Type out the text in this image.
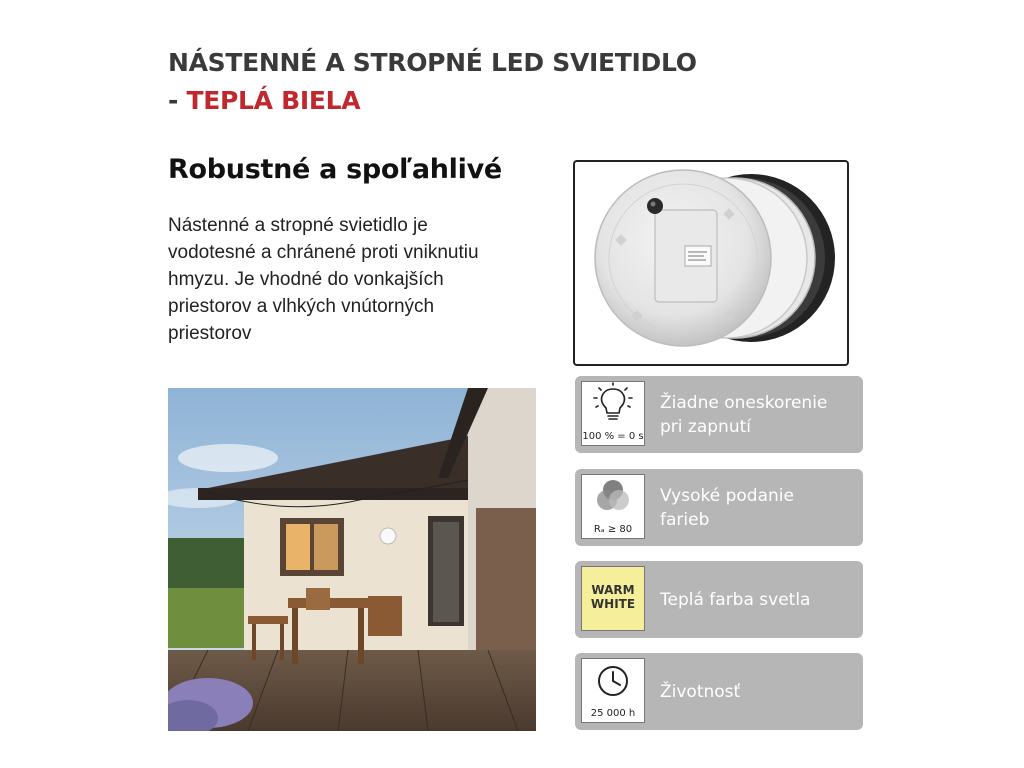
NÁSTENNÉ A STROPNÉ LED SVIETIDLO
- TEPLÁ BIELA
Robustné a spoľahlivé

Nástenné a stropné svietidlo je
vodotesné a chránené proti vniknutiu
hmyzu. Je vhodné do vonkajších
priestorov a vlhkých vnútorných
priestorov

100 % = 0 s

Žiadne oneskorenie
pri zapnutí

Rₐ ≥ 80

Vysoké podanie
farieb

WARM
WHITE	Teplá farba svetla

25 000 h

Životnosť
